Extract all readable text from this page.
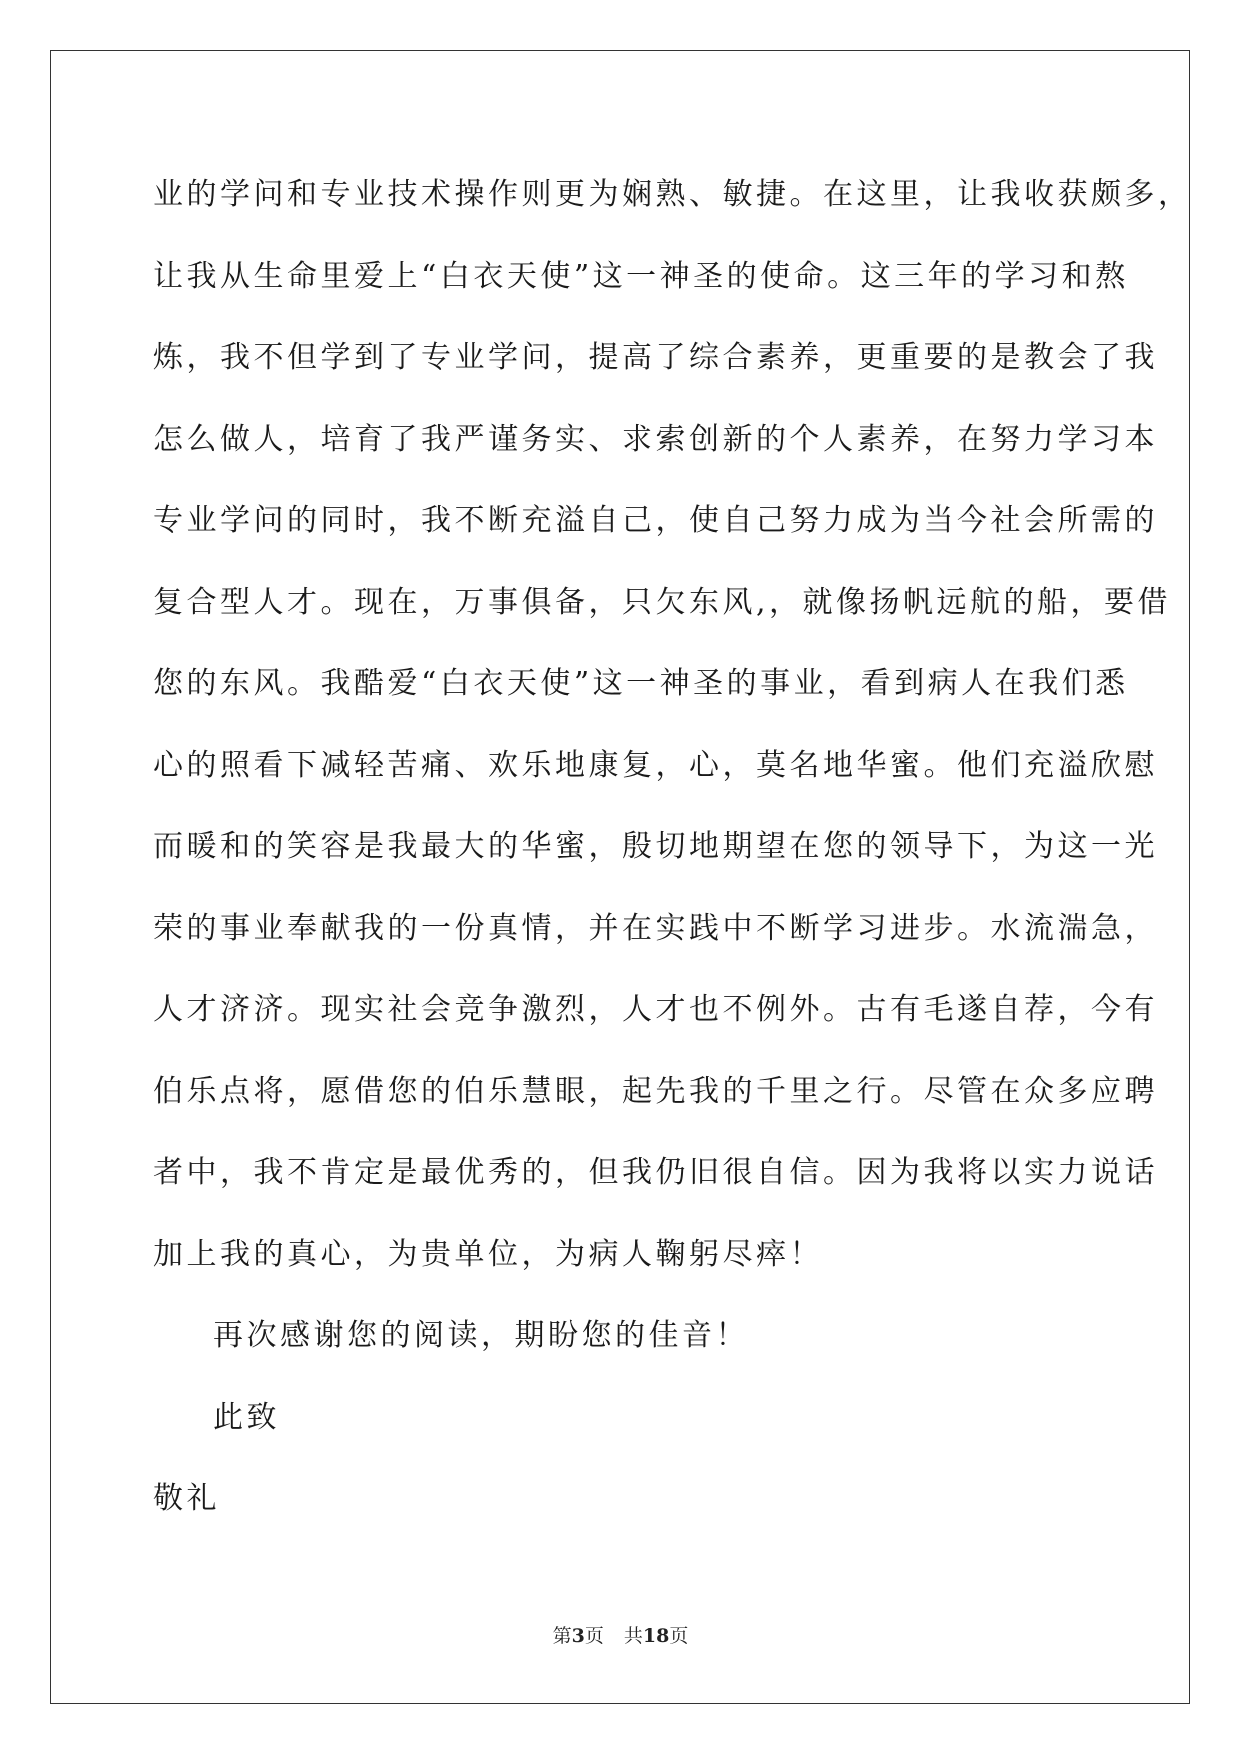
业的学问和专业技术操作则更为娴熟、敏捷。在这里，让我收获颇多，
让我从生命里爱上“白衣天使”这一神圣的使命。这三年的学习和熬
炼，我不但学到了专业学问，提高了综合素养，更重要的是教会了我
怎么做人，培育了我严谨务实、求索创新的个人素养，在努力学习本
专业学问的同时，我不断充溢自己，使自己努力成为当今社会所需的
复合型人才。现在，万事俱备，只欠东风,，就像扬帆远航的船，要借
您的东风。我酷爱“白衣天使”这一神圣的事业，看到病人在我们悉
心的照看下减轻苦痛、欢乐地康复，心，莫名地华蜜。他们充溢欣慰
而暖和的笑容是我最大的华蜜，殷切地期望在您的领导下，为这一光
荣的事业奉献我的一份真情，并在实践中不断学习进步。水流湍急，
人才济济。现实社会竞争激烈，人才也不例外。古有毛遂自荐，今有
伯乐点将，愿借您的伯乐慧眼，起先我的千里之行。尽管在众多应聘
者中，我不肯定是最优秀的，但我仍旧很自信。因为我将以实力说话
加上我的真心，为贵单位，为病人鞠躬尽瘁！
再次感谢您的阅读，期盼您的佳音！
此致
敬礼
第3页 共18页
